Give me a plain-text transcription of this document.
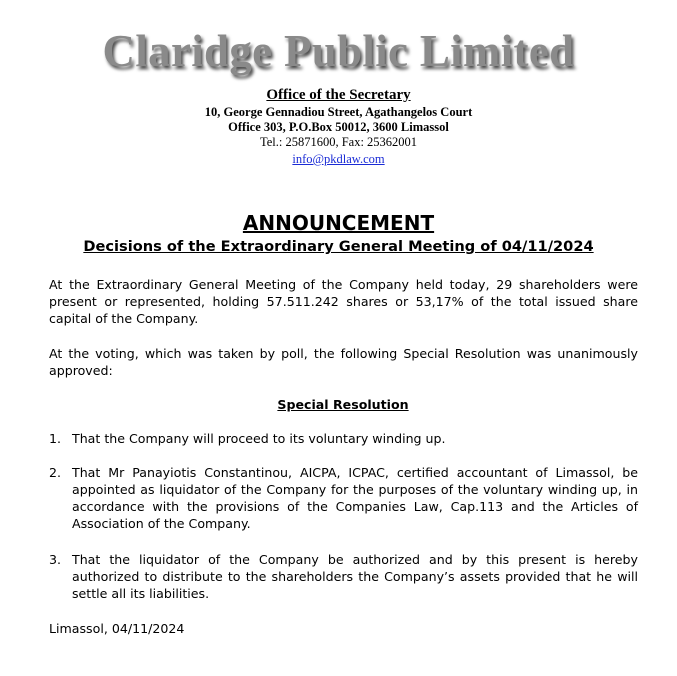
Claridge Public Limited
Office of the Secretary
10, George Gennadiou Street, Agathangelos Court
Office 303, P.O.Box 50012, 3600 Limassol
Tel.: 25871600, Fax: 25362001
info@pkdlaw.com
ANNOUNCEMENT
Decisions of the Extraordinary General Meeting of 04/11/2024
At the Extraordinary General Meeting of the Company held today, 29 shareholders were present or represented, holding 57.511.242 shares or 53,17% of the total issued share capital of the Company.
At the voting, which was taken by poll, the following Special Resolution was unanimously approved:
Special Resolution
1. That the Company will proceed to its voluntary winding up.
2. That Mr Panayiotis Constantinou, AICPA, ICPAC, certified accountant of Limassol, be appointed as liquidator of the Company for the purposes of the voluntary winding up, in accordance with the provisions of the Companies Law, Cap.113 and the Articles of Association of the Company.
3. That the liquidator of the Company be authorized and by this present is hereby authorized to distribute to the shareholders the Company’s assets provided that he will settle all its liabilities.
Limassol, 04/11/2024
